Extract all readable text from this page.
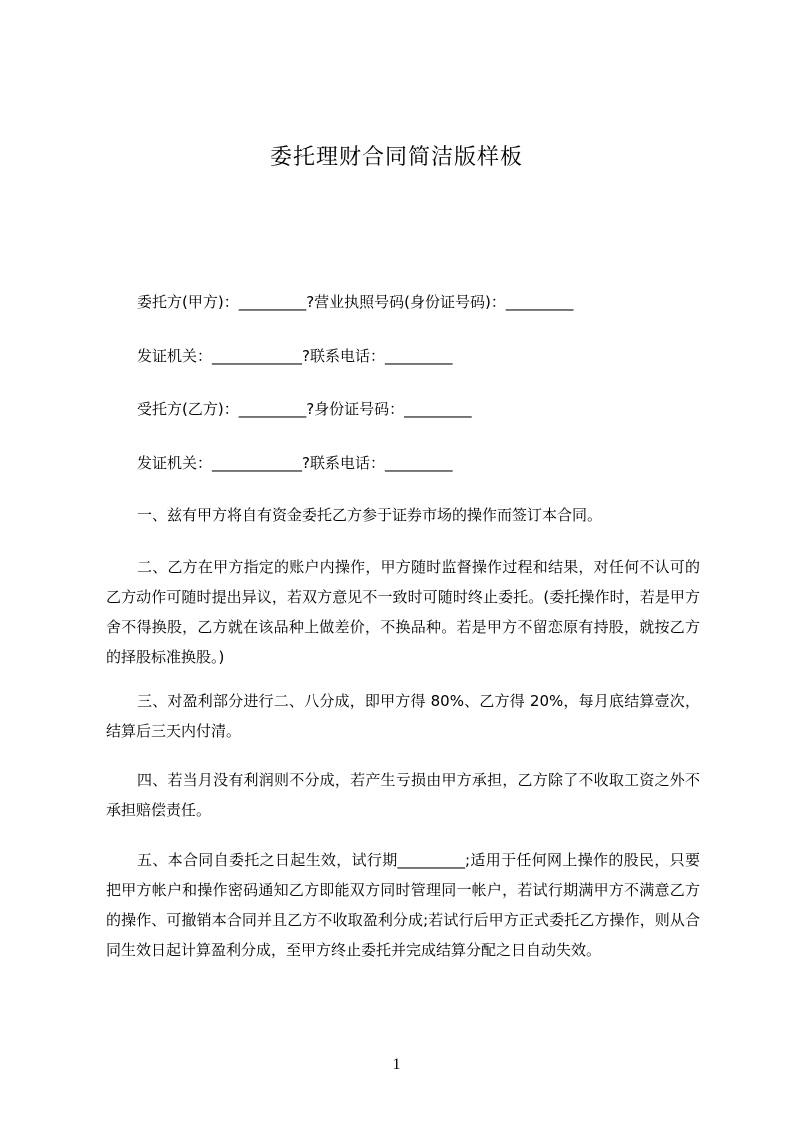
委托理财合同简洁版样板
委托方(甲方)：_________?营业执照号码(身份证号码)：_________
发证机关：____________?联系电话：_________
受托方(乙方)：_________?身份证号码：_________
发证机关：____________?联系电话：_________
一、兹有甲方将自有资金委托乙方参于证券市场的操作而签订本合同。
二、乙方在甲方指定的账户内操作，甲方随时监督操作过程和结果，对任何不认可的乙方动作可随时提出异议，若双方意见不一致时可随时终止委托。(委托操作时，若是甲方舍不得换股，乙方就在该品种上做差价，不换品种。若是甲方不留恋原有持股，就按乙方的择股标准换股。)
三、对盈利部分进行二、八分成，即甲方得 80%、乙方得 20%，每月底结算壹次，结算后三天内付清。
四、若当月没有利润则不分成，若产生亏损由甲方承担，乙方除了不收取工资之外不承担赔偿责任。
五、本合同自委托之日起生效，试行期_________;适用于任何网上操作的股民，只要把甲方帐户和操作密码通知乙方即能双方同时管理同一帐户，若试行期满甲方不满意乙方的操作、可撤销本合同并且乙方不收取盈利分成;若试行后甲方正式委托乙方操作，则从合同生效日起计算盈利分成，至甲方终止委托并完成结算分配之日自动失效。
1
